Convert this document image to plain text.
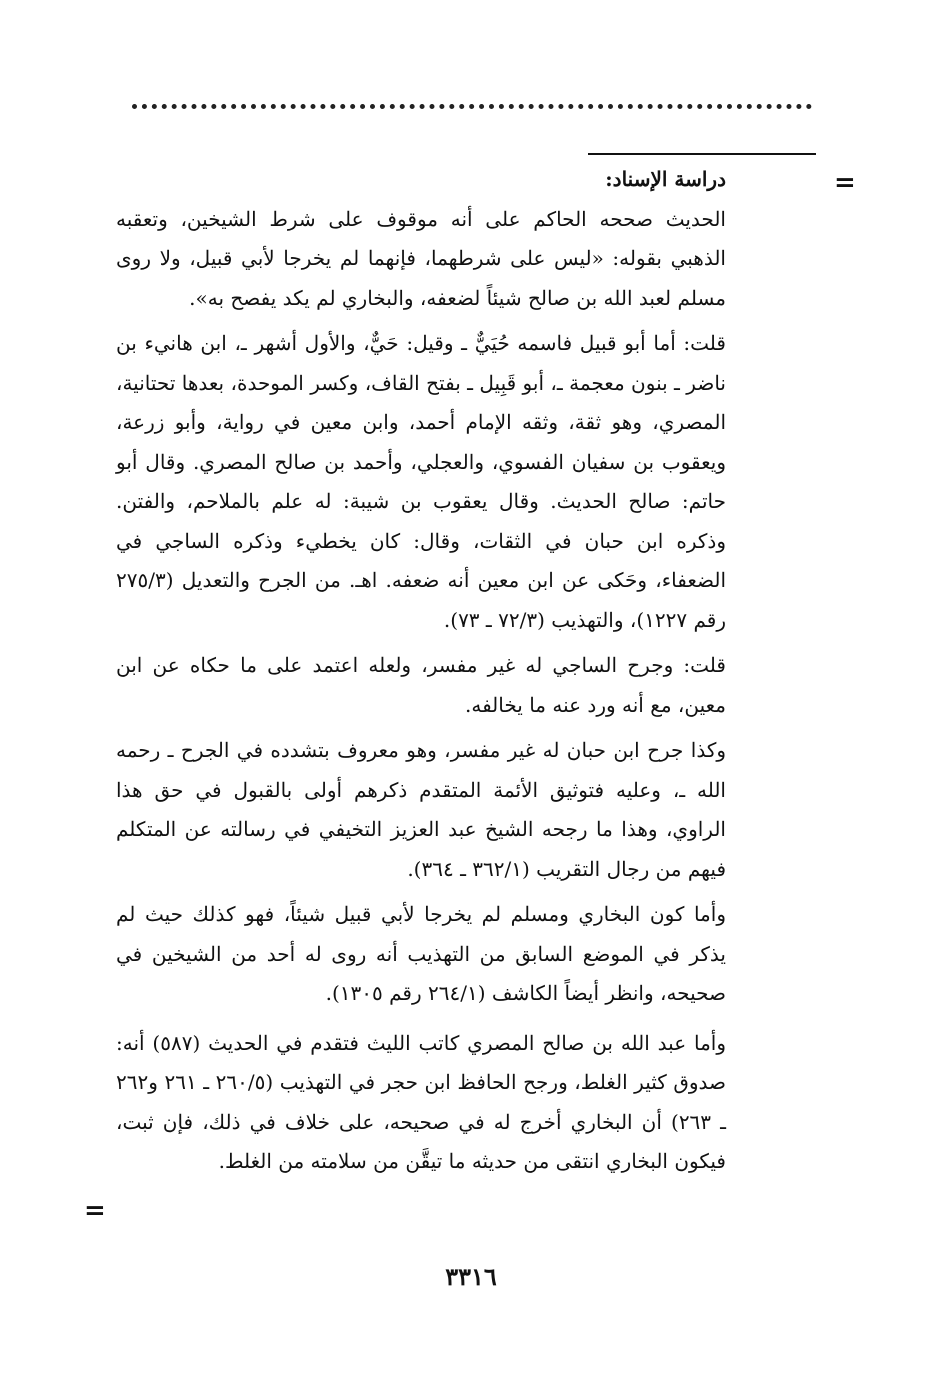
=

دراسة الإسناد:

الحديث صححه الحاكم على أنه موقوف على شرط الشيخين، وتعقبه الذهبي بقوله: «ليس على شرطهما، فإنهما لم يخرجا لأبي قبيل، ولا روى مسلم لعبد الله بن صالح شيئاً لضعفه، والبخاري لم يكد يفصح به».

قلت: أما أبو قبيل فاسمه حُيَيٌّ ـ وقيل: حَيٌّ، والأول أشهر ـ، ابن هانيء بن ناضر ـ بنون معجمة ـ، أبو قَبِيل ـ بفتح القاف، وكسر الموحدة، بعدها تحتانية، المصري، وهو ثقة، وثقه الإمام أحمد، وابن معين في رواية، وأبو زرعة، ويعقوب بن سفيان الفسوي، والعجلي، وأحمد بن صالح المصري. وقال أبو حاتم: صالح الحديث. وقال يعقوب بن شيبة: له علم بالملاحم، والفتن. وذكره ابن حبان في الثقات، وقال: كان يخطيء وذكره الساجي في الضعفاء، وحَكى عن ابن معين أنه ضعفه. اهـ. من الجرح والتعديل (٢٧٥/٣ رقم ١٢٢٧)، والتهذيب (٧٢/٣ ـ ٧٣).

قلت: وجرح الساجي له غير مفسر، ولعله اعتمد على ما حكاه عن ابن معين، مع أنه ورد عنه ما يخالفه.

وكذا جرح ابن حبان له غير مفسر، وهو معروف بتشدده في الجرح ـ رحمه الله ـ، وعليه فتوثيق الأئمة المتقدم ذكرهم أولى بالقبول في حق هذا الراوي، وهذا ما رجحه الشيخ عبد العزيز التخيفي في رسالته عن المتكلم فيهم من رجال التقريب (٣٦٢/١ ـ ٣٦٤).

وأما كون البخاري ومسلم لم يخرجا لأبي قبيل شيئاً، فهو كذلك حيث لم يذكر في الموضع السابق من التهذيب أنه روى له أحد من الشيخين في صحيحه، وانظر أيضاً الكاشف (٢٦٤/١ رقم ١٣٠٥).

وأما عبد الله بن صالح المصري كاتب الليث فتقدم في الحديث (٥٨٧) أنه: صدوق كثير الغلط، ورجح الحافظ ابن حجر في التهذيب (٢٦٠/٥ ـ ٢٦١ و٢٦٢ ـ ٢٦٣) أن البخاري أخرج له في صحيحه، على خلاف في ذلك، فإن ثبت، فيكون البخاري انتقى من حديثه ما تيقَّن من سلامته من الغلط.

=
٣٣١٦
